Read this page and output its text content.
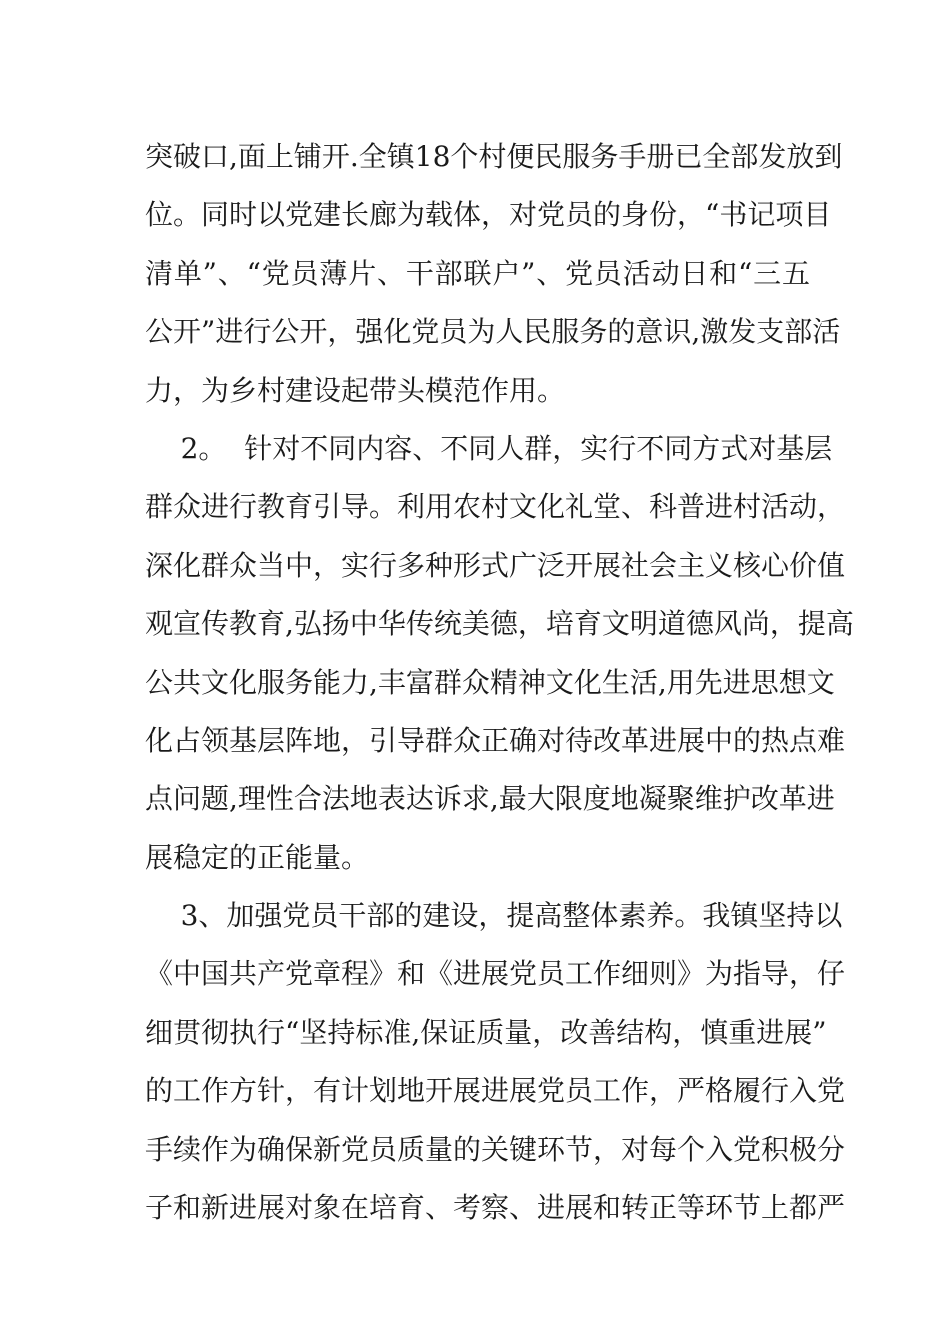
突破口,面上铺开.全镇18个村便民服务手册已全部发放到
位。同时以党建长廊为载体，对党员的身份，“书记项目
清单”、“党员薄片、干部联户”、党员活动日和“三五
公开”进行公开，强化党员为人民服务的意识,激发支部活
力，为乡村建设起带头模范作用。
2。  针对不同内容、不同人群，实行不同方式对基层
群众进行教育引导。利用农村文化礼堂、科普进村活动，
深化群众当中，实行多种形式广泛开展社会主义核心价值
观宣传教育,弘扬中华传统美德，培育文明道德风尚，提高
公共文化服务能力,丰富群众精神文化生活,用先进思想文
化占领基层阵地，引导群众正确对待改革进展中的热点难
点问题,理性合法地表达诉求,最大限度地凝聚维护改革进
展稳定的正能量。
3、加强党员干部的建设，提高整体素养。我镇坚持以
《中国共产党章程》和《进展党员工作细则》为指导，仔
细贯彻执行“坚持标准,保证质量，改善结构，慎重进展”
的工作方针，有计划地开展进展党员工作，严格履行入党
手续作为确保新党员质量的关键环节，对每个入党积极分
子和新进展对象在培育、考察、进展和转正等环节上都严
